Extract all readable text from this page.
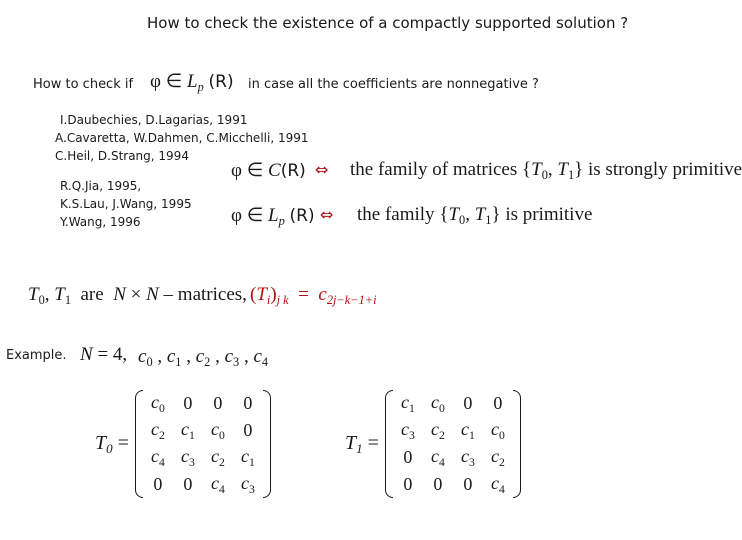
How to check the existence of a compactly supported solution ?
How to check if φ ∈ $L_p$ (R) in case all the coefficients are nonnegative ?
I.Daubechies, D.Lagarias, 1991
A.Cavaretta, W.Dahmen, C.Micchelli, 1991
C.Heil, D.Strang, 1994
φ ∈ C(R) ⇔ the family of matrices {$T_0$, $T_1$} is strongly primitive
R.Q.Jia, 1995,
K.S.Lau, J.Wang, 1995
Y.Wang, 1996	φ ∈ $L_p$ (R) ⇔ the family {$T_0$, $T_1$} is primitive
$T_0$, $T_1$ are N × N – matrices, $(T_i)_{j k} = c_{2j-k-1+i}$
Example. N = 4, $c_0$ , $c_1$ , $c_2$ , $c_3$ , $c_4$
$T_0$ =
$c_0$	0	0	0
$c_2$	$c_1$	$c_0$	0
$c_4$	$c_3$	$c_2$	$c_1$
0	0	$c_4$	$c_3$
$T_1$ =
$c_1$	$c_0$	0	0
$c_3$	$c_2$	$c_1$	$c_0$
0	$c_4$	$c_3$	$c_2$
0	0	0	$c_4$
